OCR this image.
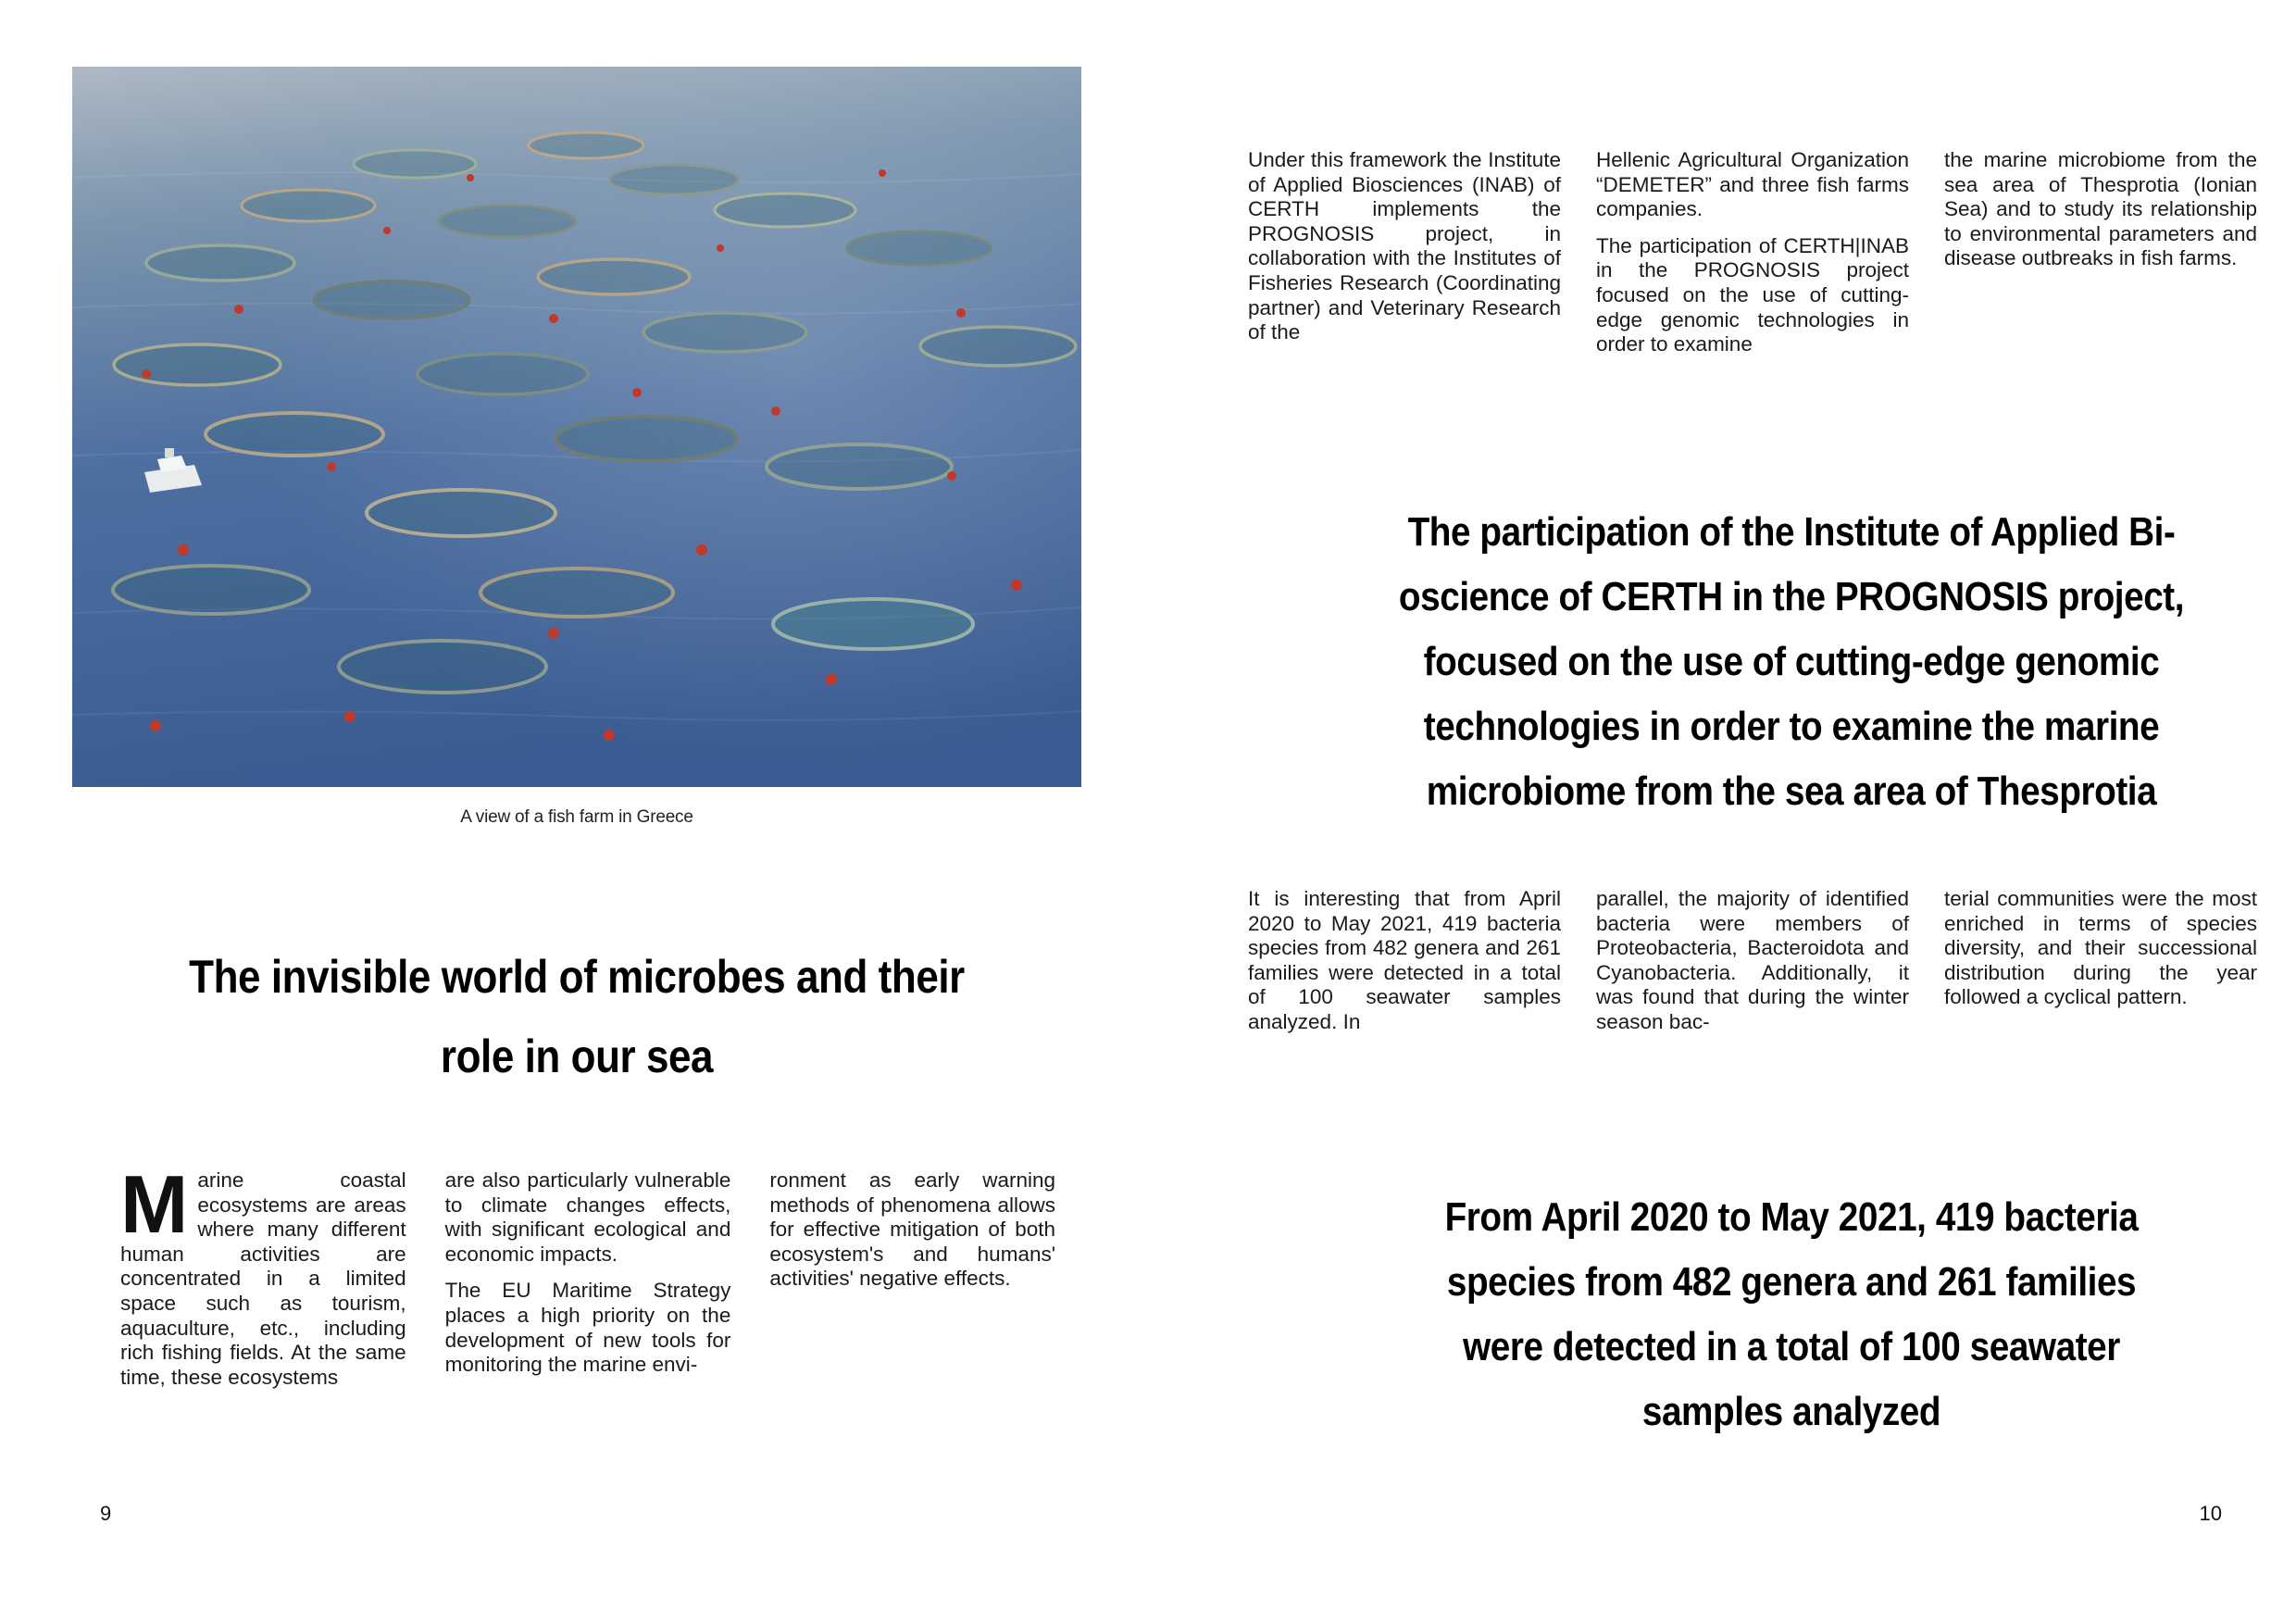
A view of a fish farm in Greece
The invisible world of microbes and their
role in our sea

Marine coastal ecosystems are areas where many different human activities are concentrated in a limited space such as tourism, aquaculture, etc., including rich fishing fields. At the same time, these ecosystems

are also particularly vulnerable to climate changes effects, with significant ecological and economic impacts.

The EU Maritime Strategy places a high priority on the development of new tools for monitoring the marine envi-

ronment as early warning methods of phenomena allows for effective mitigation of both ecosystem's and humans' activities' negative effects.

9

Under this framework the Institute of Applied Biosciences (INAB) of CERTH implements the PROGNOSIS project, in collaboration with the Institutes of Fisheries Research (Coordinating partner) and Veterinary Research of the

Hellenic Agricultural Organization “DEMETER” and three fish farms companies.

The participation of CERTH|INAB in the PROGNOSIS project focused on the use of cutting-edge genomic technologies in order to examine

the marine microbiome from the sea area of Thesprotia (Ionian Sea) and to study its relationship to environmental parameters and disease outbreaks in fish farms.

The participation of the Institute of Applied Bi-
oscience of CERTH in the PROGNOSIS project,
focused on the use of cutting-edge genomic
technologies in order to examine the marine
microbiome from the sea area of Thesprotia

It is interesting that from April 2020 to May 2021, 419 bacteria species from 482 genera and 261 families were detected in a total of 100 seawater samples analyzed. In

parallel, the majority of identified bacteria were members of Proteobacteria, Bacteroidota and Cyanobacteria. Additionally, it was found that during the winter season bac-

terial communities were the most enriched in terms of species diversity, and their successional distribution during the year followed a cyclical pattern.

From April 2020 to May 2021, 419 bacteria
species from 482 genera and 261 families
were detected in a total of 100 seawater
samples analyzed
10
